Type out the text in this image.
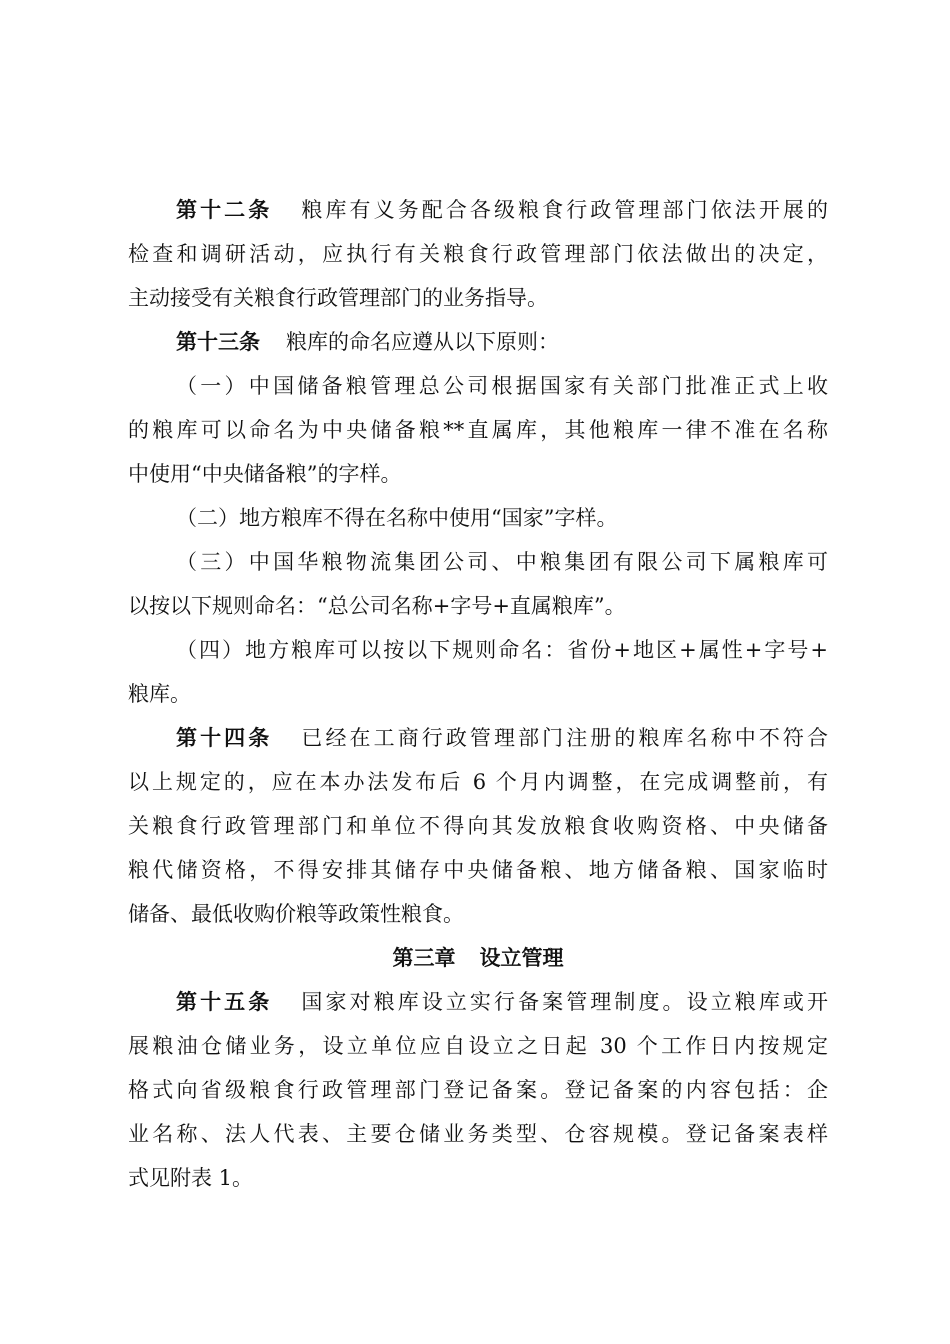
第十二条 粮库有义务配合各级粮食行政管理部门依法开展的
检查和调研活动，应执行有关粮食行政管理部门依法做出的决定，
主动接受有关粮食行政管理部门的业务指导。
第十三条 粮库的命名应遵从以下原则：
（一）中国储备粮管理总公司根据国家有关部门批准正式上收
的粮库可以命名为中央储备粮**直属库，其他粮库一律不准在名称
中使用“中央储备粮”的字样。
（二）地方粮库不得在名称中使用“国家”字样。
（三）中国华粮物流集团公司、中粮集团有限公司下属粮库可
以按以下规则命名：“总公司名称+字号+直属粮库”。
（四）地方粮库可以按以下规则命名：省份+地区+属性+字号+
粮库。
第十四条 已经在工商行政管理部门注册的粮库名称中不符合
以上规定的，应在本办法发布后 6 个月内调整，在完成调整前，有
关粮食行政管理部门和单位不得向其发放粮食收购资格、中央储备
粮代储资格，不得安排其储存中央储备粮、地方储备粮、国家临时
储备、最低收购价粮等政策性粮食。
第三章 设立管理
第十五条 国家对粮库设立实行备案管理制度。设立粮库或开
展粮油仓储业务，设立单位应自设立之日起 30 个工作日内按规定
格式向省级粮食行政管理部门登记备案。登记备案的内容包括：企
业名称、法人代表、主要仓储业务类型、仓容规模。登记备案表样
式见附表 1。
